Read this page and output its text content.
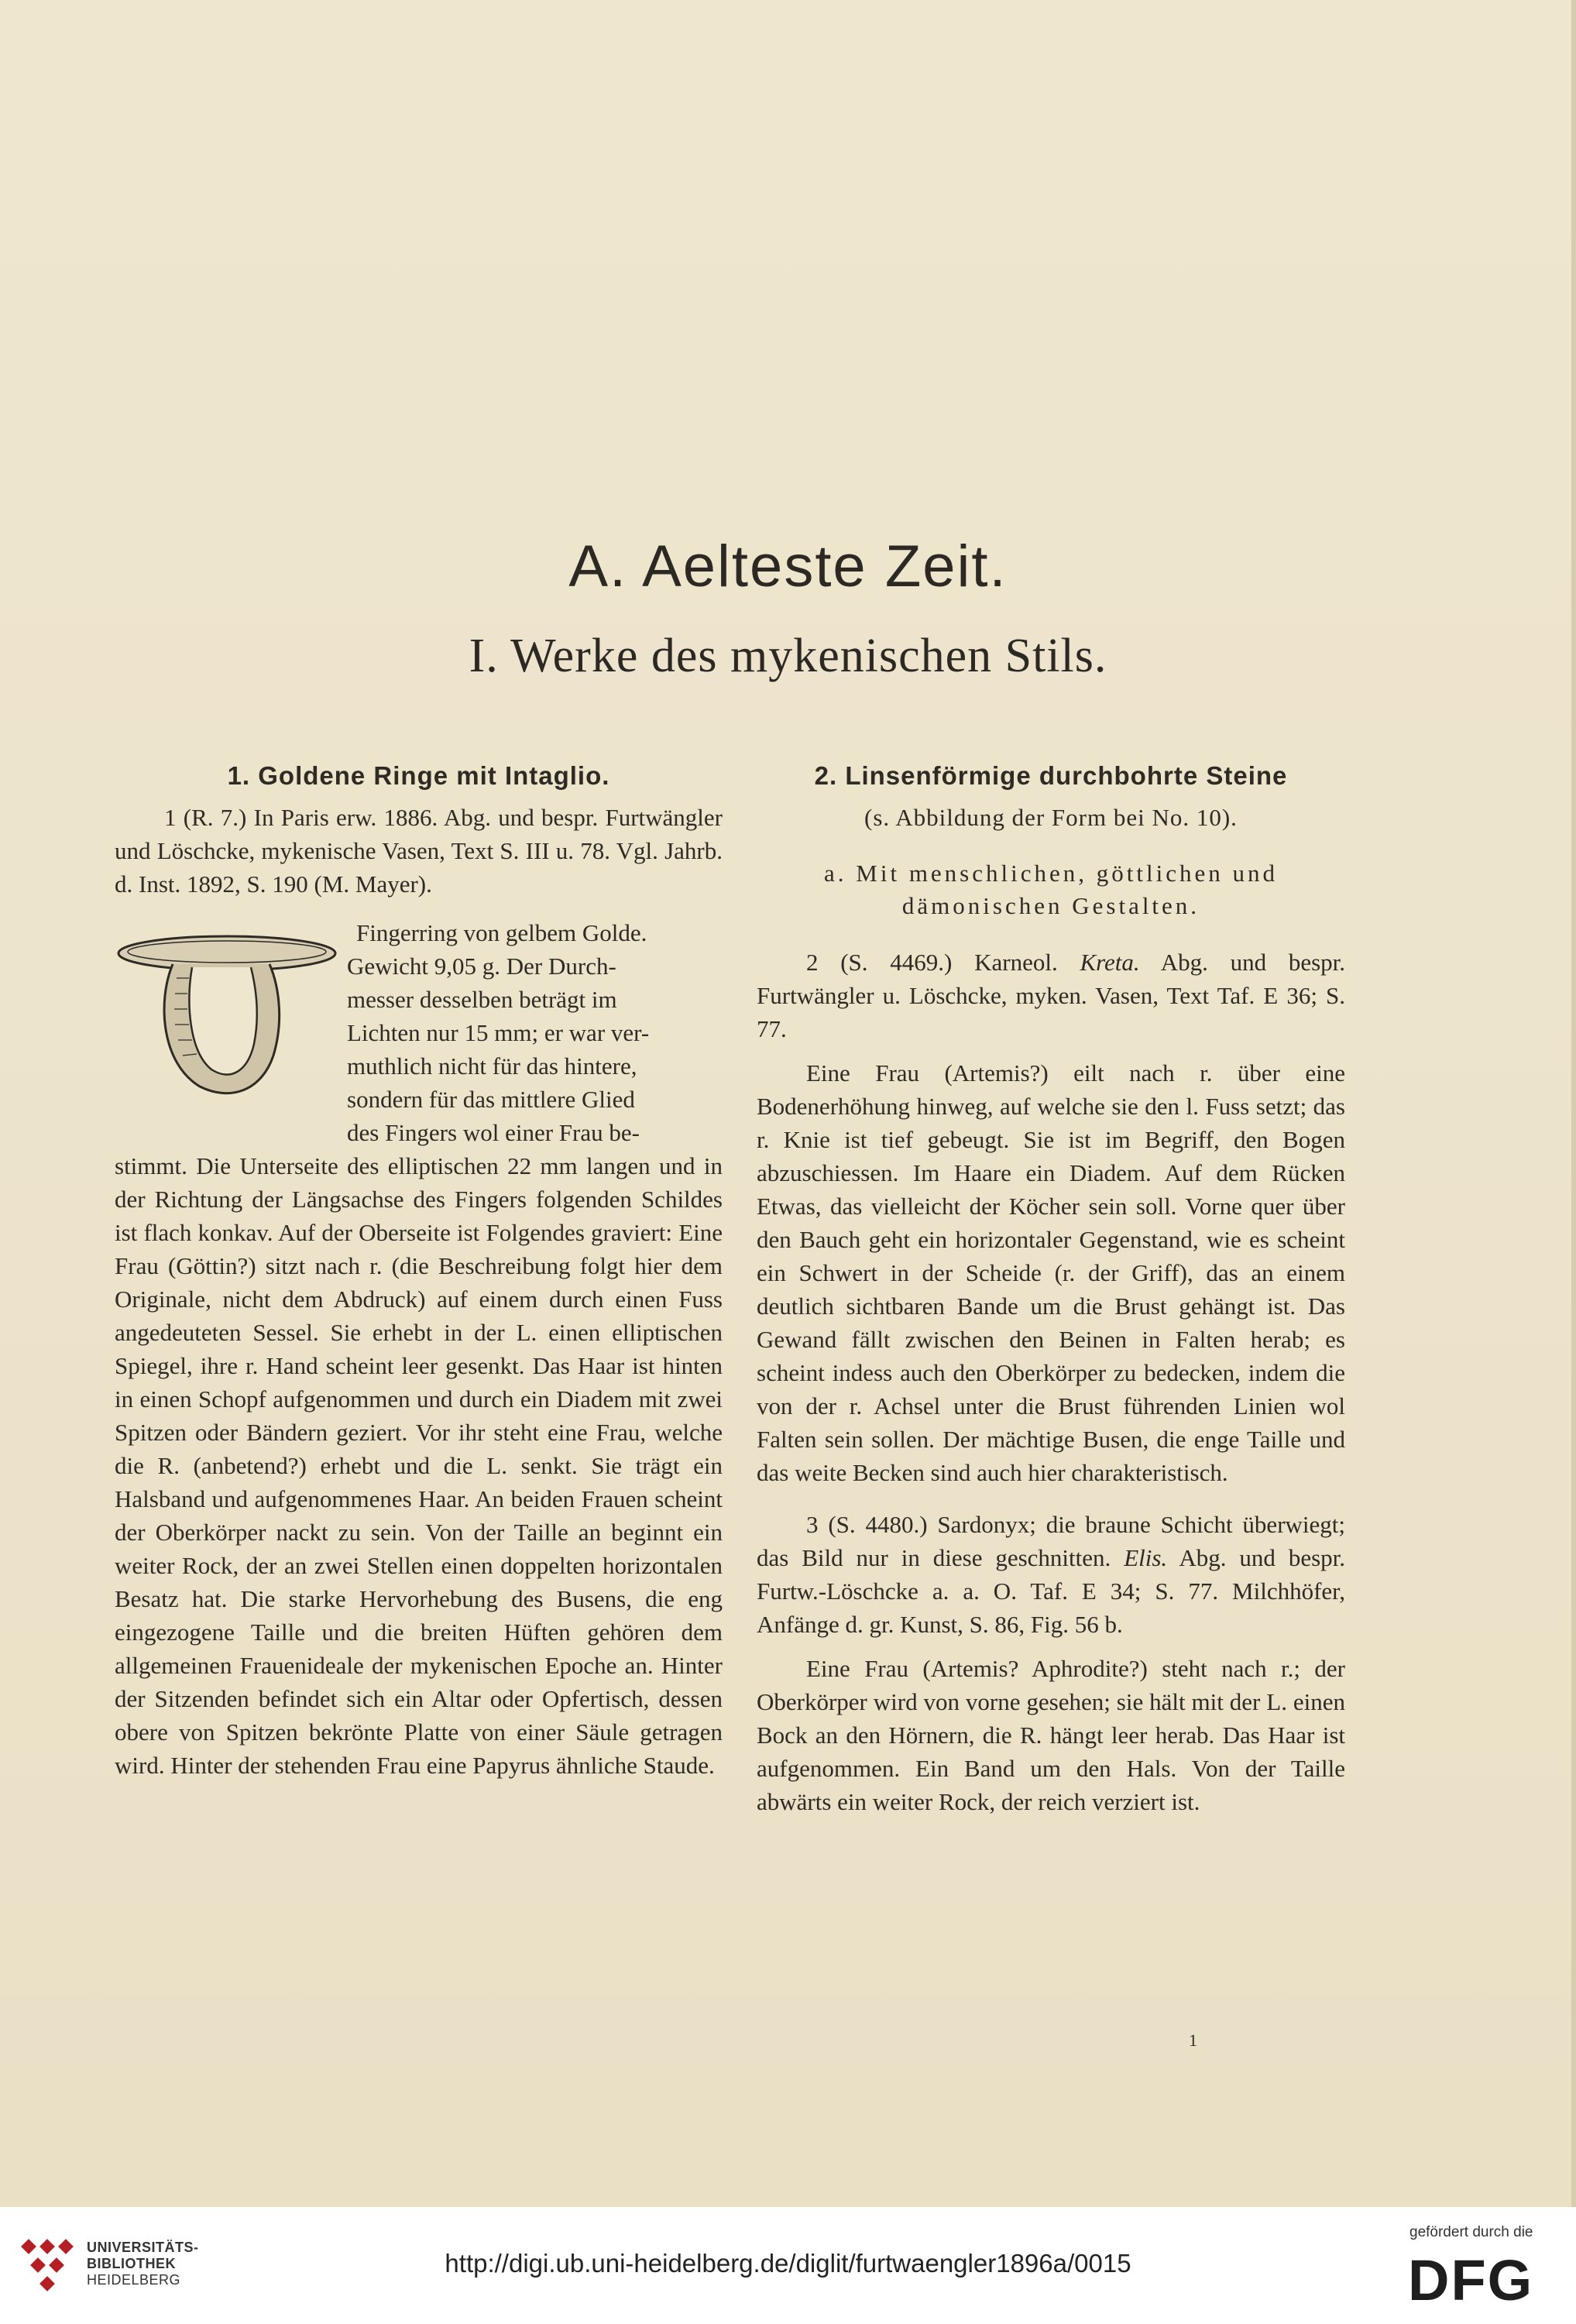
A. Aelteste Zeit.
I. Werke des mykenischen Stils.
1. Goldene Ringe mit Intaglio.

1 (R. 7.) In Paris erw. 1886. Abg. und bespr. Furtwängler und Löschcke, mykenische Vasen, Text S. III u. 78. Vgl. Jahrb. d. Inst. 1892, S. 190 (M. Mayer).

Fingerring von gelbem Golde.
Gewicht 9,05 g. Der Durch-
messer desselben beträgt im
Lichten nur 15 mm; er war ver-
muthlich nicht für das hintere,
sondern für das mittlere Glied
des Fingers wol einer Frau be-

stimmt. Die Unterseite des elliptischen 22 mm langen und in der Richtung der Längsachse des Fingers folgenden Schildes ist flach konkav. Auf der Oberseite ist Folgendes graviert: Eine Frau (Göttin?) sitzt nach r. (die Beschreibung folgt hier dem Originale, nicht dem Abdruck) auf einem durch einen Fuss angedeuteten Sessel. Sie erhebt in der L. einen elliptischen Spiegel, ihre r. Hand scheint leer gesenkt. Das Haar ist hinten in einen Schopf aufgenommen und durch ein Diadem mit zwei Spitzen oder Bändern geziert. Vor ihr steht eine Frau, welche die R. (anbetend?) erhebt und die L. senkt. Sie trägt ein Halsband und aufgenommenes Haar. An beiden Frauen scheint der Oberkörper nackt zu sein. Von der Taille an beginnt ein weiter Rock, der an zwei Stellen einen doppelten horizontalen Besatz hat. Die starke Hervorhebung des Busens, die eng eingezogene Taille und die breiten Hüften gehören dem allgemeinen Frauenideale der mykenischen Epoche an. Hinter der Sitzenden befindet sich ein Altar oder Opfertisch, dessen obere von Spitzen bekrönte Platte von einer Säule getragen wird. Hinter der stehenden Frau eine Papyrus ähnliche Staude.

2. Linsenförmige durchbohrte Steine
(s. Abbildung der Form bei No. 10).
a. Mit menschlichen, göttlichen und
dämonischen Gestalten.

2 (S. 4469.) Karneol. Kreta. Abg. und bespr. Furtwängler u. Löschcke, myken. Vasen, Text Taf. E 36; S. 77.

Eine Frau (Artemis?) eilt nach r. über eine Bodenerhöhung hinweg, auf welche sie den l. Fuss setzt; das r. Knie ist tief gebeugt. Sie ist im Begriff, den Bogen abzuschiessen. Im Haare ein Diadem. Auf dem Rücken Etwas, das vielleicht der Köcher sein soll. Vorne quer über den Bauch geht ein horizontaler Gegenstand, wie es scheint ein Schwert in der Scheide (r. der Griff), das an einem deutlich sichtbaren Bande um die Brust gehängt ist. Das Gewand fällt zwischen den Beinen in Falten herab; es scheint indess auch den Oberkörper zu bedecken, indem die von der r. Achsel unter die Brust führenden Linien wol Falten sein sollen. Der mächtige Busen, die enge Taille und das weite Becken sind auch hier charakteristisch.

3 (S. 4480.) Sardonyx; die braune Schicht überwiegt; das Bild nur in diese geschnitten. Elis. Abg. und bespr. Furtw.-Löschcke a. a. O. Taf. E 34; S. 77. Milchhöfer, Anfänge d. gr. Kunst, S. 86, Fig. 56 b.

Eine Frau (Artemis? Aphrodite?) steht nach r.; der Oberkörper wird von vorne gesehen; sie hält mit der L. einen Bock an den Hörnern, die R. hängt leer herab. Das Haar ist aufgenommen. Ein Band um den Hals. Von der Taille abwärts ein weiter Rock, der reich verziert ist.

1
UNIVERSITÄTS-
BIBLIOTHEK
HEIDELBERG
http://digi.ub.uni-heidelberg.de/diglit/furtwaengler1896a/0015
gefördert durch die
DFG
